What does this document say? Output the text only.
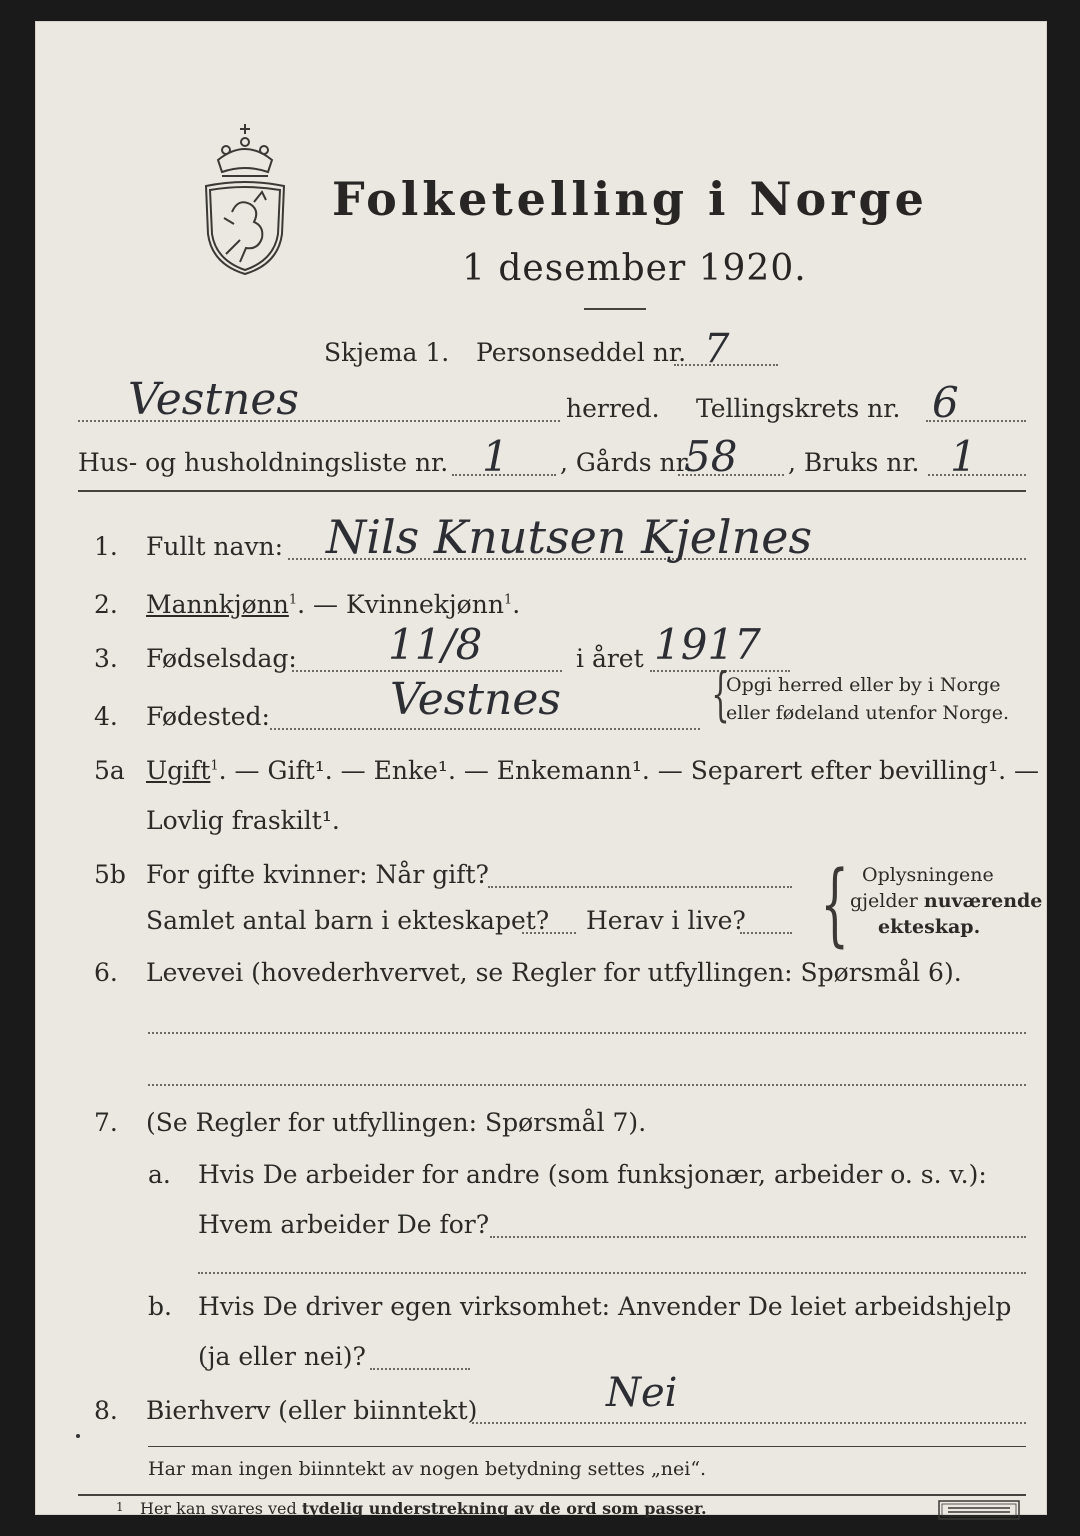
Folketelling i Norge
1 desember 1920.
Skjema 1. Personseddel nr. 7
Vestnes	herred. Tellingskrets nr. 6
Hus- og husholdningsliste nr. 1 , Gårds nr.
58 , Bruks nr. 1
1. Fullt navn: Nils Knutsen Kjelnes
2. Mannkjønn$^1$. — Kvinnekjønn$^1$.
3. Fødselsdag: 11/8	i året 1917
4. Fødested:	Vestnes	{
Opgi herred eller by i Norge
eller fødeland utenfor Norge.
5a Ugift$^1$. — Gift¹. — Enke¹. — Enkemann¹. — Separert efter bevilling¹. —
Lovlig fraskilt¹.
5b For gifte kvinner: Når gift?
Samlet antal barn i ekteskapet? Herav i live? { Oplysningene
gjelder nuværende
ekteskap.
6. Levevei (hovederhvervet, se Regler for utfyllingen: Spørsmål 6).
7. (Se Regler for utfyllingen: Spørsmål 7).
a. Hvis De arbeider for andre (som funksjonær, arbeider o. s. v.):
Hvem arbeider De for?
b. Hvis De driver egen virksomhet: Anvender De leiet arbeidshjelp
(ja eller nei)?
8. Bierhverv (eller biinntekt)	Nei
Har man ingen biinntekt av nogen betydning settes „nei“.
1 Her kan svares ved tydelig understrekning av de ord som passer.
